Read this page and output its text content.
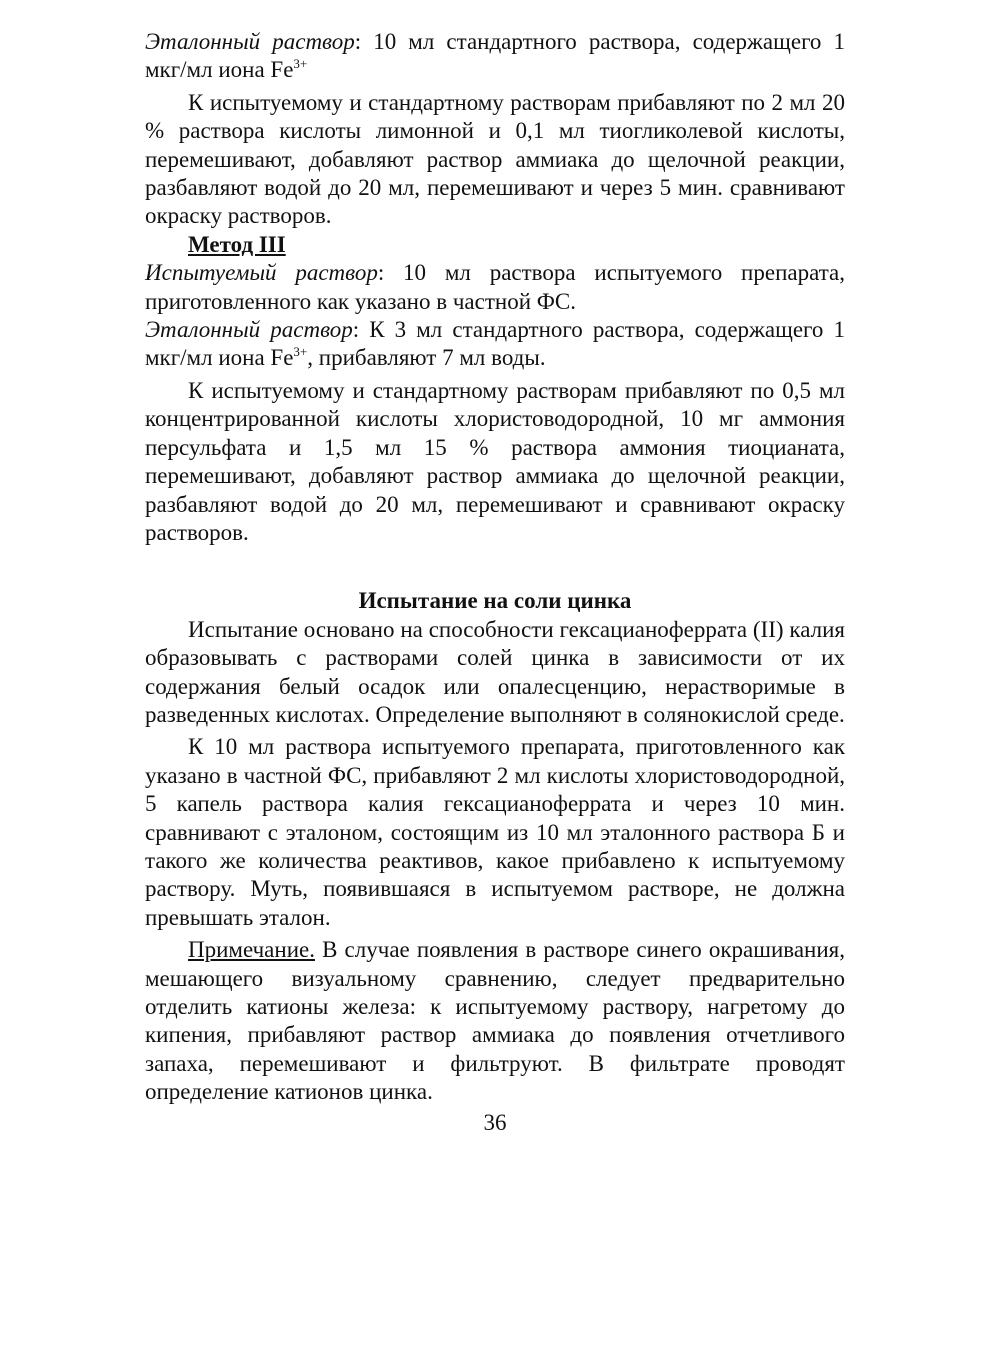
Эталонный раствор: 10 мл стандартного раствора, содержащего 1 мкг/мл иона $Fe^{3+}$

К испытуемому и стандартному растворам прибавляют по 2 мл 20 % раствора кислоты лимонной и 0,1 мл тиогликолевой кислоты, перемешивают, добавляют раствор аммиака до щелочной реакции, разбавляют водой до 20 мл, перемешивают и через 5 мин. сравнивают окраску растворов.

Метод III

Испытуемый раствор: 10 мл раствора испытуемого препарата, приготовленного как указано в частной ФС.

Эталонный раствор: К 3 мл стандартного раствора, содержащего 1 мкг/мл иона $Fe^{3+}$, прибавляют 7 мл воды.

К испытуемому и стандартному растворам прибавляют по 0,5 мл концентрированной кислоты хлористоводородной, 10 мг аммония персульфата и 1,5 мл 15 % раствора аммония тиоцианата, перемешивают, добавляют раствор аммиака до щелочной реакции, разбавляют водой до 20 мл, перемешивают и сравнивают окраску растворов.

Испытание на соли цинка

Испытание основано на способности гексацианоферрата (II) калия образовывать с растворами солей цинка в зависимости от их содержания белый осадок или опалесценцию, нерастворимые в разведенных кислотах. Определение выполняют в солянокислой среде.

К 10 мл раствора испытуемого препарата, приготовленного как указано в частной ФС, прибавляют 2 мл кислоты хлористоводородной, 5 капель раствора калия гексацианоферрата и через 10 мин. сравнивают с эталоном, состоящим из 10 мл эталонного раствора Б и такого же количества реактивов, какое прибавлено к испытуемому раствору. Муть, появившаяся в испытуемом растворе, не должна превышать эталон.

Примечание. В случае появления в растворе синего окрашивания, мешающего визуальному сравнению, следует предварительно отделить катионы железа: к испытуемому раствору, нагретому до кипения, прибавляют раствор аммиака до появления отчетливого запаха, перемешивают и фильтруют. В фильтрате проводят определение катионов цинка.

36
